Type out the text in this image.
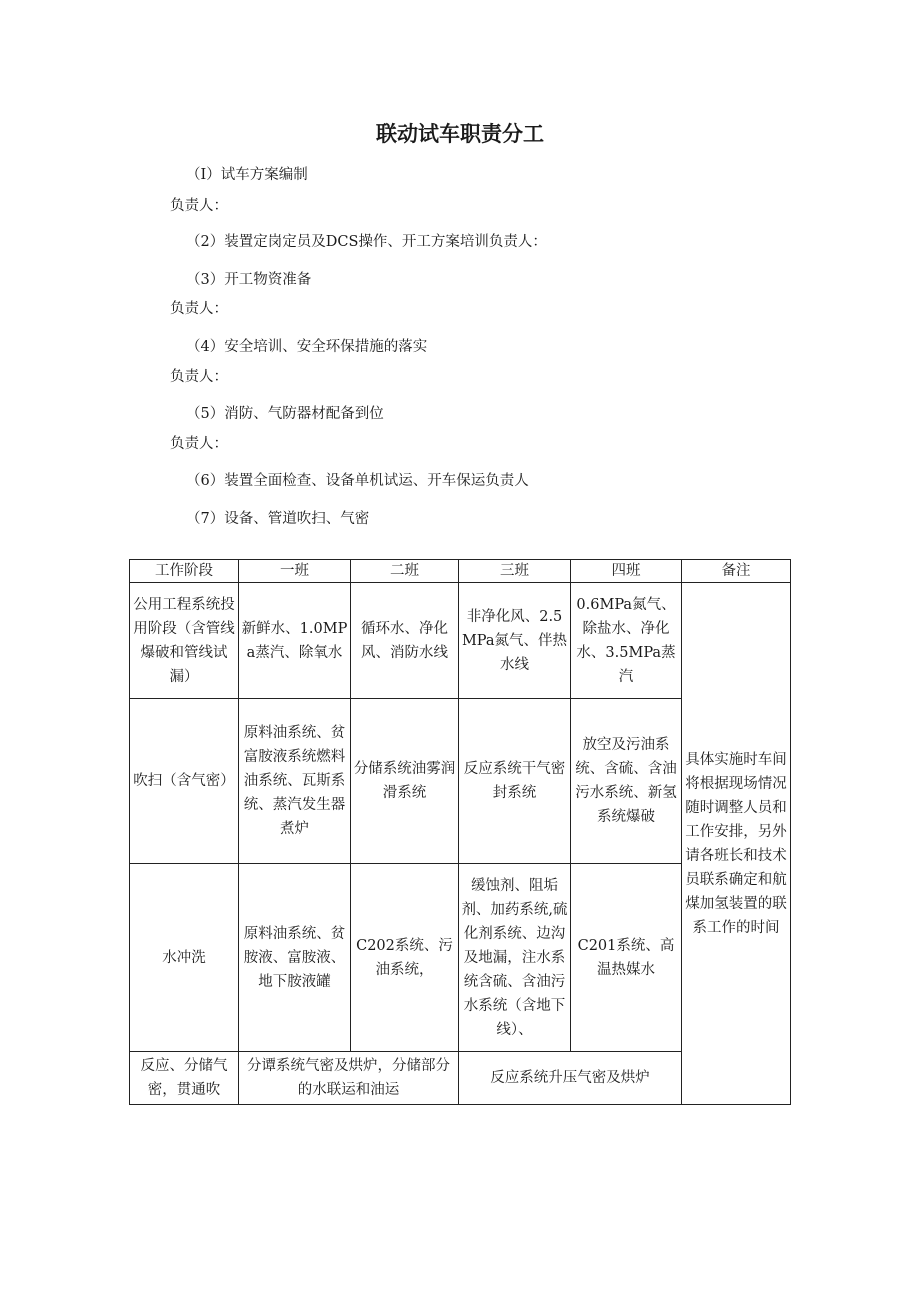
联动试车职责分工
（I）试车方案编制
负责人：
（2）装置定岗定员及DCS操作、开工方案培训负责人：
（3）开工物资准备
负责人：
（4）安全培训、安全环保措施的落实
负责人：
（5）消防、气防器材配备到位
负责人：
（6）装置全面检查、设备单机试运、开车保运负责人
（7）设备、管道吹扫、气密
工作阶段	一班	二班	三班	四班	备注
公用工程系统投用阶段（含管线爆破和管线试漏）	新鲜水、1.0MPa蒸汽、除氧水	循环水、净化风、消防水线	非净化风、2.5MPa氮气、伴热水线	0.6MPa氮气、除盐水、净化水、3.5MPa蒸汽	具体实施时车间将根据现场情况随时调整人员和工作安排，另外请各班长和技术员联系确定和航煤加氢装置的联系工作的时间
吹扫（含气密）	原料油系统、贫富胺液系统燃料油系统、瓦斯系统、蒸汽发生器煮炉	分储系统油雾润滑系统	反应系统干气密封系统	放空及污油系统、含硫、含油污水系统、新氢系统爆破	
水冲洗	原料油系统、贫胺液、富胺液、地下胺液罐	C202系统、污油系统，	缓蚀剂、阻垢剂、加药系统,硫化剂系统、边沟及地漏，注水系统含硫、含油污水系统（含地下线）、	C201系统、高温热媒水	
反应、分储气密，贯通吹	分谭系统气密及烘炉，分储部分的水联运和油运		反应系统升压气密及烘炉		
